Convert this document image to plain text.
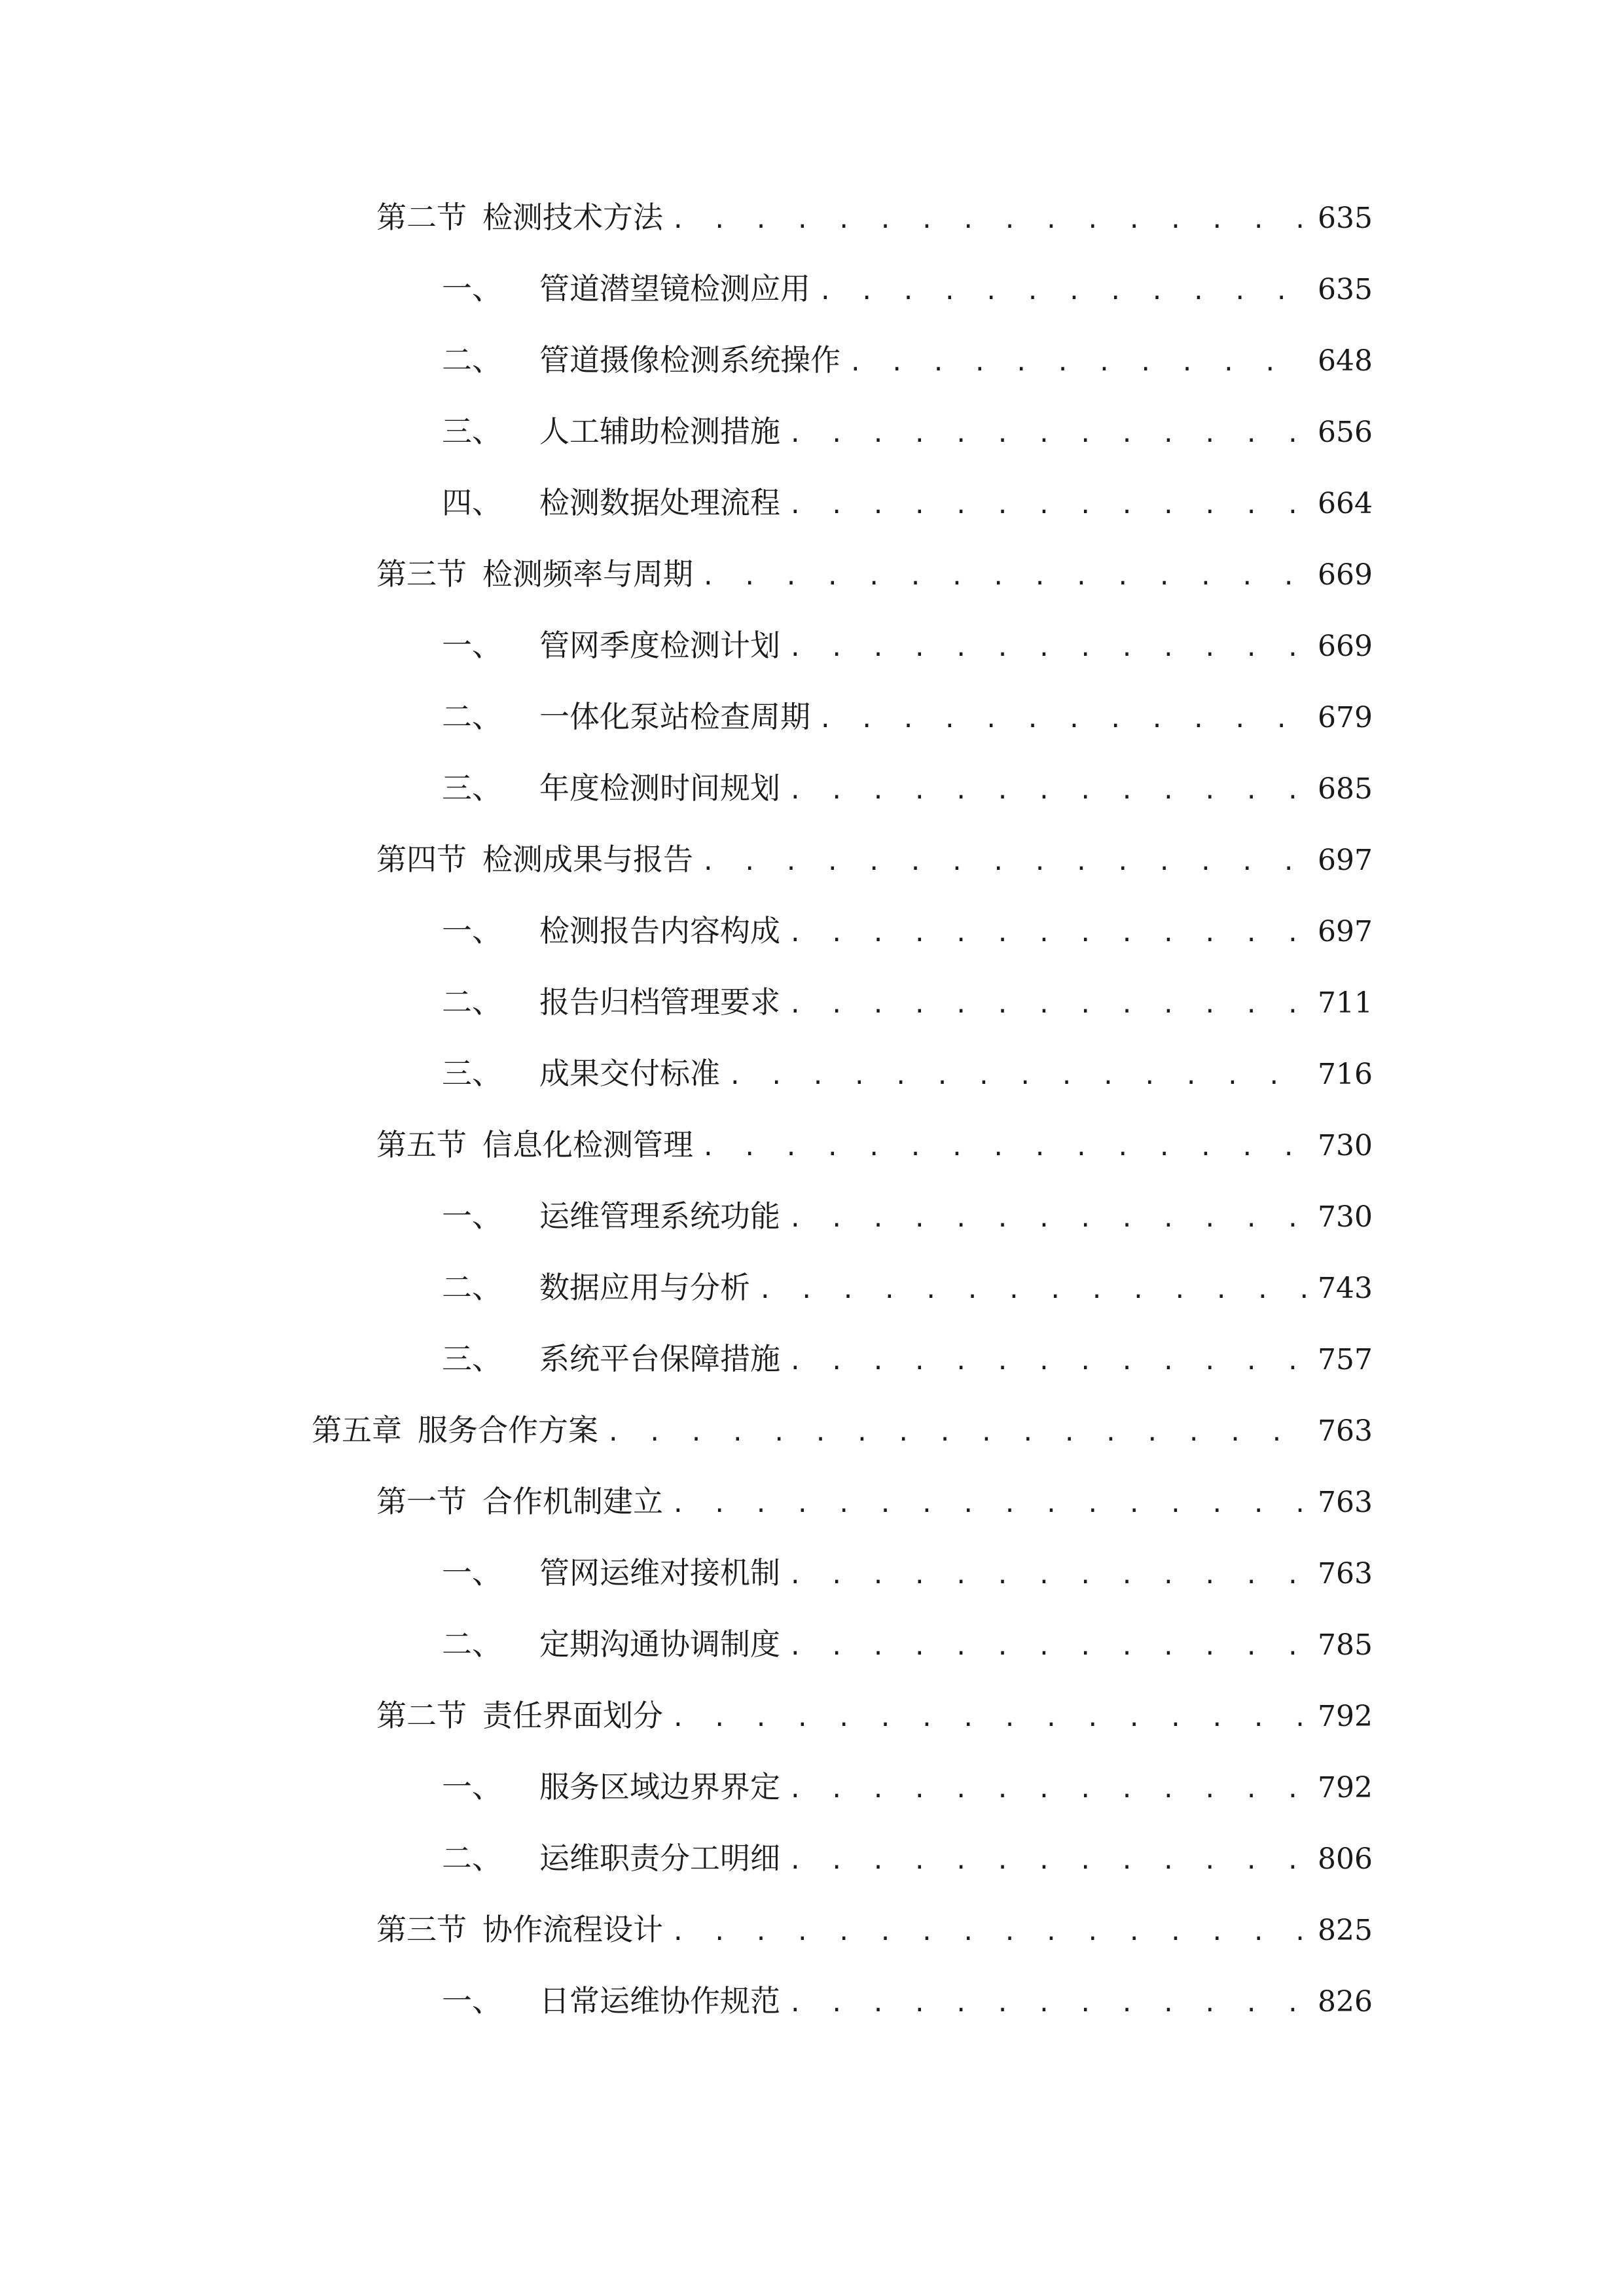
第二节 检测技术方法 . . .	635
一、	管道潜望镜检测应用 . . .	635
二、	管道摄像检测系统操作 . . .	648
三、	人工辅助检测措施 . . .	656
四、	检测数据处理流程 . . .	664
第三节 检测频率与周期 . . .	669
一、	管网季度检测计划 . . .	669
二、	一体化泵站检查周期 . . .	679
三、	年度检测时间规划 . . .	685
第四节 检测成果与报告 . . .	697
一、	检测报告内容构成 . . .	697
二、	报告归档管理要求 . . .	711
三、	成果交付标准 . . .	716
第五节 信息化检测管理 . . .	730
一、	运维管理系统功能 . . .	730
二、	数据应用与分析 . . .	743
三、	系统平台保障措施 . . .	757
第五章 服务合作方案 . . .	763
第一节 合作机制建立 . . .	763
一、	管网运维对接机制 . . .	763
二、	定期沟通协调制度 . . .	785
第二节 责任界面划分 . . .	792
一、	服务区域边界界定 . . .	792
二、	运维职责分工明细 . . .	806
第三节 协作流程设计 . . .	825
一、	日常运维协作规范 . . .	826
